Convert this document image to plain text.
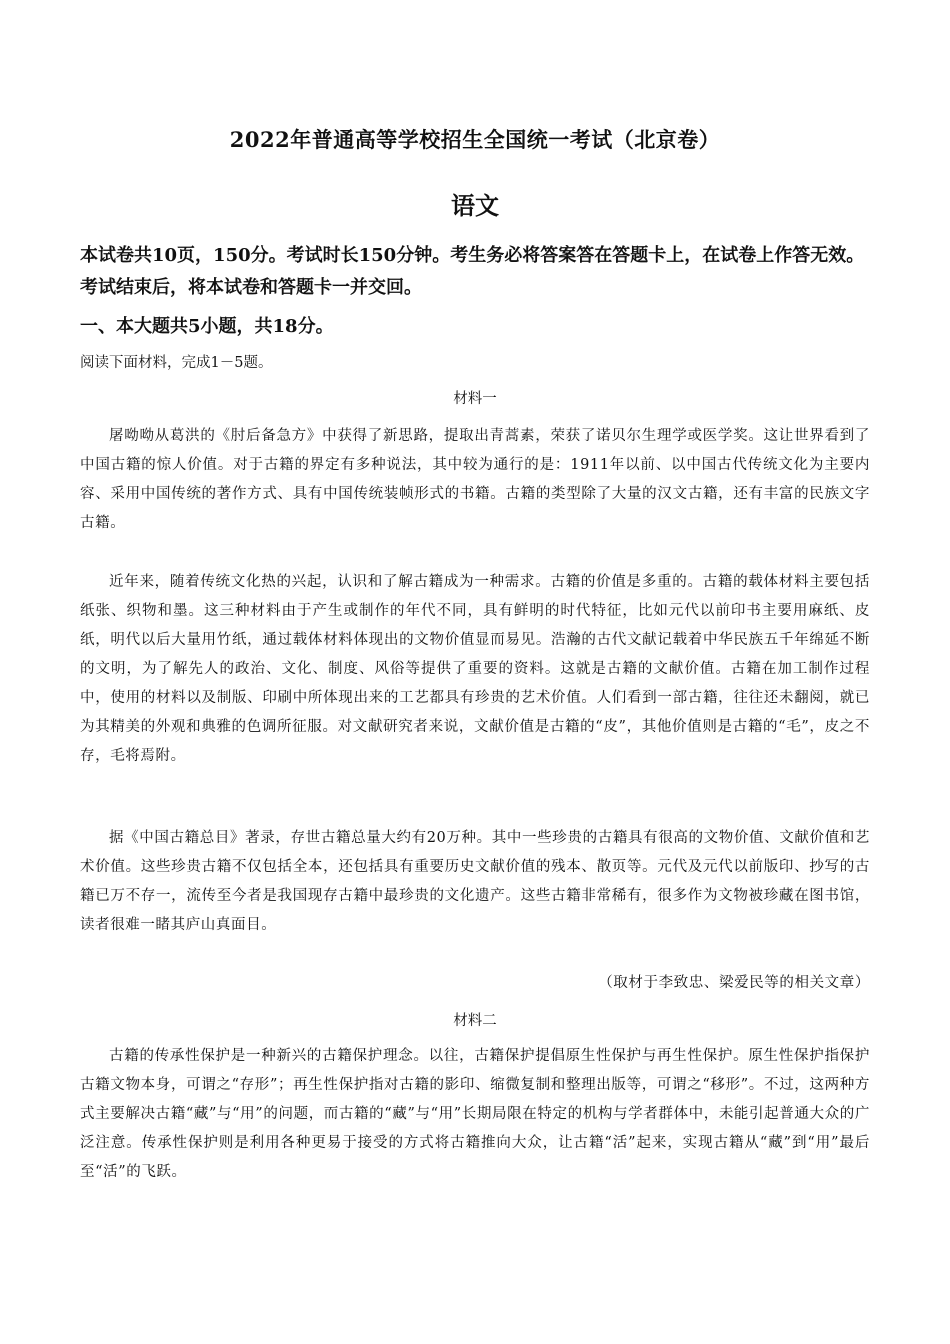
2022年普通高等学校招生全国统一考试（北京卷）
语文
本试卷共10页，150分。考试时长150分钟。考生务必将答案答在答题卡上，在试卷上作答无效。考试结束后，将本试卷和答题卡一并交回。
一、本大题共5小题，共18分。
阅读下面材料，完成1－5题。
材料一

屠呦呦从葛洪的《肘后备急方》中获得了新思路，提取出青蒿素，荣获了诺贝尔生理学或医学奖。这让世界看到了中国古籍的惊人价值。对于古籍的界定有多种说法，其中较为通行的是：1911年以前、以中国古代传统文化为主要内容、采用中国传统的著作方式、具有中国传统装帧形式的书籍。古籍的类型除了大量的汉文古籍，还有丰富的民族文字古籍。

近年来，随着传统文化热的兴起，认识和了解古籍成为一种需求。古籍的价值是多重的。古籍的载体材料主要包括纸张、织物和墨。这三种材料由于产生或制作的年代不同，具有鲜明的时代特征，比如元代以前印书主要用麻纸、皮纸，明代以后大量用竹纸，通过载体材料体现出的文物价值显而易见。浩瀚的古代文献记载着中华民族五千年绵延不断的文明，为了解先人的政治、文化、制度、风俗等提供了重要的资料。这就是古籍的文献价值。古籍在加工制作过程中，使用的材料以及制版、印刷中所体现出来的工艺都具有珍贵的艺术价值。人们看到一部古籍，往往还未翻阅，就已为其精美的外观和典雅的色调所征服。对文献研究者来说，文献价值是古籍的“皮”，其他价值则是古籍的“毛”，皮之不存，毛将焉附。

据《中国古籍总目》著录，存世古籍总量大约有20万种。其中一些珍贵的古籍具有很高的文物价值、文献价值和艺术价值。这些珍贵古籍不仅包括全本，还包括具有重要历史文献价值的残本、散页等。元代及元代以前版印、抄写的古籍已万不存一，流传至今者是我国现存古籍中最珍贵的文化遗产。这些古籍非常稀有，很多作为文物被珍藏在图书馆，读者很难一睹其庐山真面目。

（取材于李致忠、梁爱民等的相关文章）
材料二

古籍的传承性保护是一种新兴的古籍保护理念。以往，古籍保护提倡原生性保护与再生性保护。原生性保护指保护古籍文物本身，可谓之“存形”；再生性保护指对古籍的影印、缩微复制和整理出版等，可谓之“移形”。不过，这两种方式主要解决古籍“藏”与“用”的问题，而古籍的“藏”与“用”长期局限在特定的机构与学者群体中，未能引起普通大众的广泛注意。传承性保护则是利用各种更易于接受的方式将古籍推向大众，让古籍“活”起来，实现古籍从“藏”到“用”最后至“活”的飞跃。
